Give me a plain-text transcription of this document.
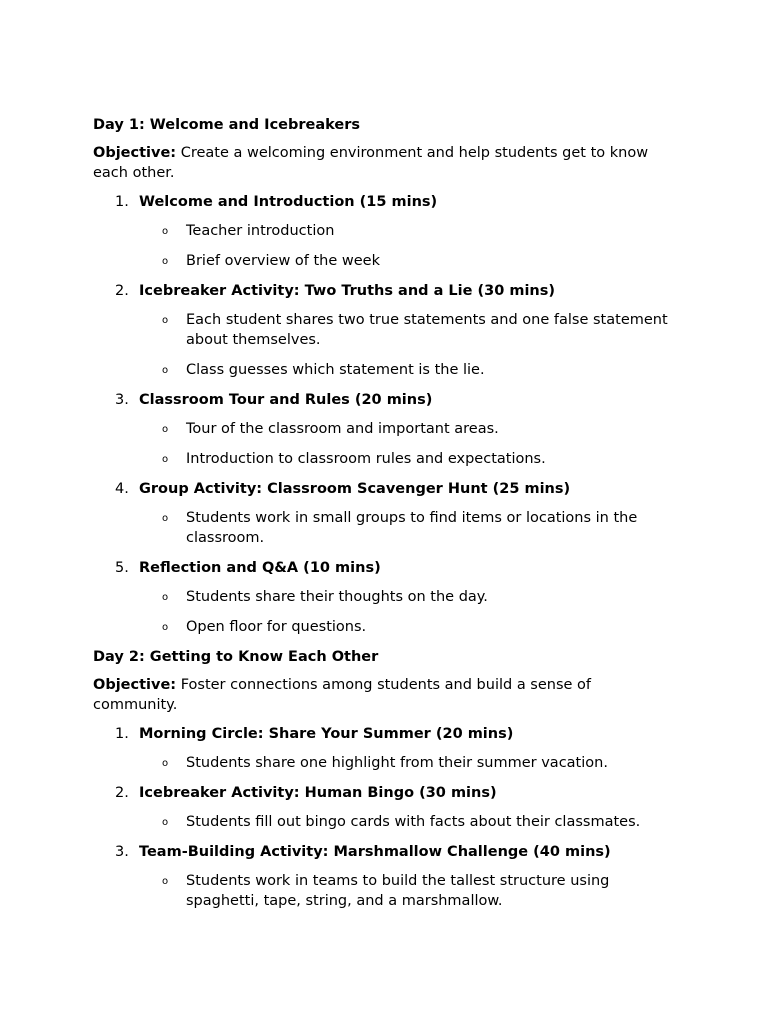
Day 1: Welcome and Icebreakers
Objective: Create a welcoming environment and help students get to know each other.
1. Welcome and Introduction (15 mins)
o Teacher introduction
o Brief overview of the week
2. Icebreaker Activity: Two Truths and a Lie (30 mins)
o Each student shares two true statements and one false statement about themselves.
o Class guesses which statement is the lie.
3. Classroom Tour and Rules (20 mins)
o Tour of the classroom and important areas.
o Introduction to classroom rules and expectations.
4. Group Activity: Classroom Scavenger Hunt (25 mins)
o Students work in small groups to find items or locations in the classroom.
5. Reflection and Q&A (10 mins)
o Students share their thoughts on the day.
o Open floor for questions.
Day 2: Getting to Know Each Other
Objective: Foster connections among students and build a sense of community.
1. Morning Circle: Share Your Summer (20 mins)
o Students share one highlight from their summer vacation.
2. Icebreaker Activity: Human Bingo (30 mins)
o Students fill out bingo cards with facts about their classmates.
3. Team-Building Activity: Marshmallow Challenge (40 mins)
o Students work in teams to build the tallest structure using spaghetti, tape, string, and a marshmallow.
